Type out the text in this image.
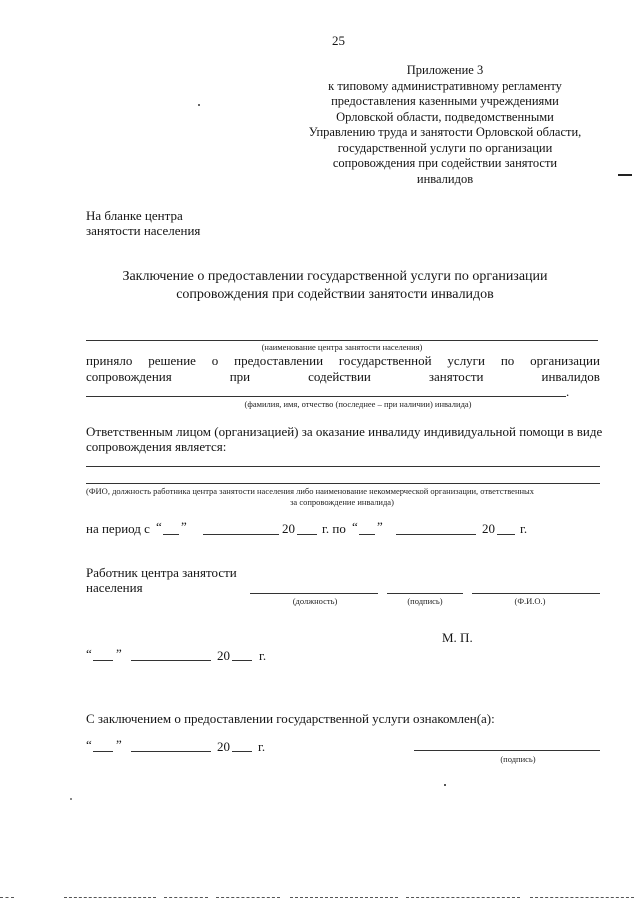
25
Приложение 3
к типовому административному регламенту
предоставления казенными учреждениями
Орловской области, подведомственными
Управлению труда и занятости Орловской области,
государственной услуги по организации
сопровождения при содействии занятости
инвалидов
На бланке центра
занятости населения
Заключение о предоставлении государственной услуги по организации
сопровождения при содействии занятости инвалидов
(наименование центра занятости населения)
приняло решение о предоставлении государственной услуги по организации
сопровождения	при	содействии	занятости	инвалидов
.
(фамилия, имя, отчество (последнее – при наличии) инвалида)
Ответственным лицом (организацией) за оказание инвалиду индивидуальной помощи в виде
сопровождения является:
(ФИО, должность работника центра занятости населения либо наименование некоммерческой организации, ответственных
за сопровождение инвалида)
на период с “ ”	20 г. по “ ”	20 г.
Работник центра занятости
населения
(должность)	(подпись)	(Ф.И.О.)
М. П.
“ ”	20 г.
С заключением о предоставлении государственной услуги ознакомлен(а):
“ ”	20 г.
(подпись)
